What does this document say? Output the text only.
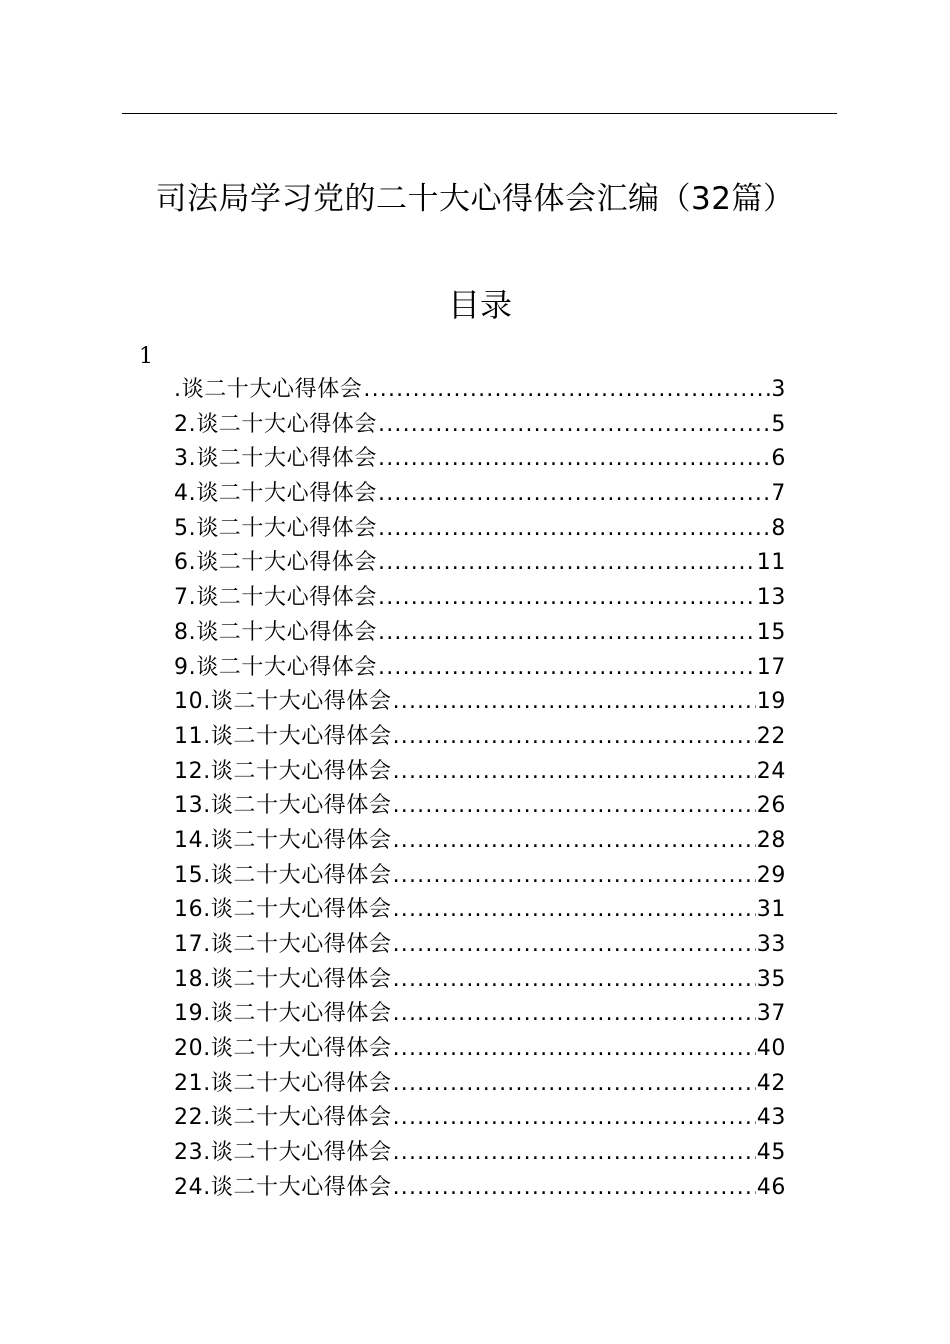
司法局学习党的二十大心得体会汇编（32篇）
目录
1
.谈二十大心得体会 .....	3
2.谈二十大心得体会 .....	5
3.谈二十大心得体会 .....	6
4.谈二十大心得体会 .....	7
5.谈二十大心得体会 .....	8
6.谈二十大心得体会 .....	11
7.谈二十大心得体会 .....	13
8.谈二十大心得体会 .....	15
9.谈二十大心得体会 .....	17
10.谈二十大心得体会 .....	19
11.谈二十大心得体会 .....	22
12.谈二十大心得体会 .....	24
13.谈二十大心得体会 .....	26
14.谈二十大心得体会 .....	28
15.谈二十大心得体会 .....	29
16.谈二十大心得体会 .....	31
17.谈二十大心得体会 .....	33
18.谈二十大心得体会 .....	35
19.谈二十大心得体会 .....	37
20.谈二十大心得体会 .....	40
21.谈二十大心得体会 .....	42
22.谈二十大心得体会 .....	43
23.谈二十大心得体会 .....	45
24.谈二十大心得体会 .....	46
